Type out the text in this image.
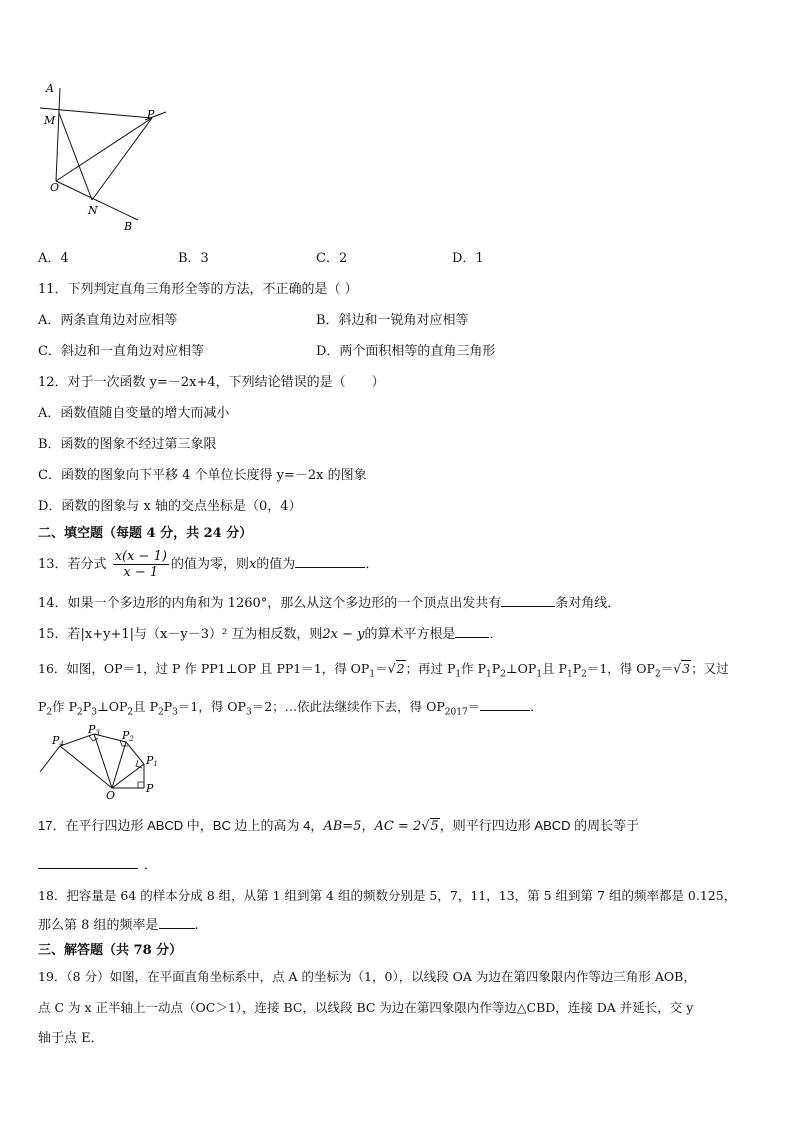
A
M	P
O
N
B
A．4	B．3	C．2	D．1
11．下列判定直角三角形全等的方法，不正确的是（ ）
A．两条直角边对应相等	B．斜边和一锐角对应相等
C．斜边和一直角边对应相等	D．两个面积相等的直角三角形
12．对于一次函数 y=－2x+4，下列结论错误的是（　　）
A．函数值随自变量的增大而减小
B．函数的图象不经过第三象限
C．函数的图象向下平移 4 个单位长度得 y=－2x 的图象
D．函数的图象与 x 轴的交点坐标是（0，4）
二、填空题（每题 4 分，共 24 分）
13．若分式 $\frac{x(x - 1)}{x - 1}$ 的值为零，则x的值为	．
14．如果一个多边形的内角和为 1260°，那么从这个多边形的一个顶点出发共有	条对角线．
15．若|x+y+1|与（x－y－3）² 互为相反数，则2x − y的算术平方根是	．
16．如图，OP＝1，过 P 作 PP1⊥OP 且 PP1＝1，得 $OP_1=√2$；再过 $P_1$作 $P_1P_2\perp OP_1$且 $P_1P_2=1$，得 $OP_2=√3$；又过
$P_2$作 $P_2P_3\perp OP_2$且 $P_2P_3=1$，得 $OP_3=2$；…依此法继续作下去，得 $OP_{2017}=$	．
P4
P3 P2
P1
O
P
17．在平行四边形 ABCD 中，BC 边上的高为 4，AB=5，AC = 2√5，则平行四边形 ABCD 的周长等于
．
18．把容量是 64 的样本分成 8 组，从第 1 组到第 4 组的频数分别是 5，7，11，13，第 5 组到第 7 组的频率都是 0.125，
那么第 8 组的频率是	.
三、解答题（共 78 分）
19．（8 分）如图，在平面直角坐标系中，点 A 的坐标为（1，0），以线段 OA 为边在第四象限内作等边三角形 AOB，
点 C 为 x 正半轴上一动点（OC＞1），连接 BC，以线段 BC 为边在第四象限内作等边△CBD，连接 DA 并延长，交 y
轴于点 E．
